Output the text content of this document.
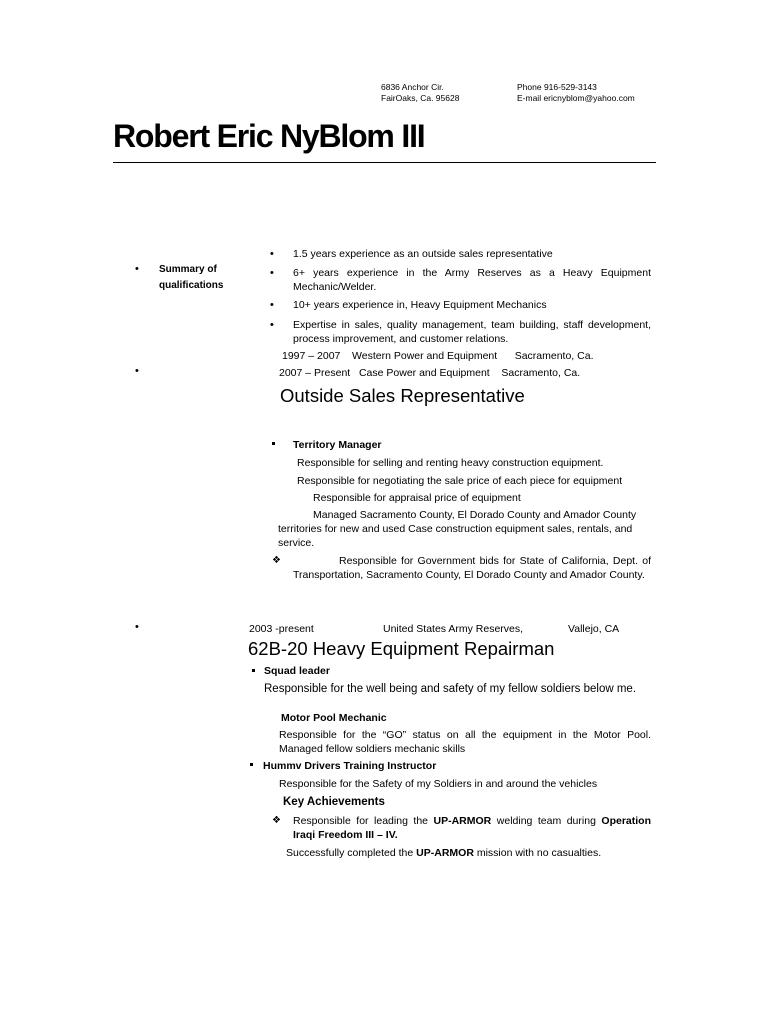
6836 Anchor Cir.
FairOaks, Ca. 95628
Phone 916-529-3143
E-mail ericnyblom@yahoo.com
Robert Eric NyBlom III
• Summary of
qualifications
• 1.5 years experience as an outside sales representative
• 6+ years experience in the Army Reserves as a Heavy Equipment Mechanic/Welder.
• 10+ years experience in, Heavy Equipment Mechanics
• Expertise in sales, quality management, team building, staff development, process improvement, and customer relations.
•
1997 – 2007    Western Power and Equipment      Sacramento, Ca.
2007 – Present   Case Power and Equipment    Sacramento, Ca.
Outside Sales Representative
Territory Manager
Responsible for selling and renting heavy construction equipment.
Responsible for negotiating the sale price of each piece for equipment
Responsible for appraisal price of equipment
Managed Sacramento County, El Dorado County and Amador County territories for new and used Case construction equipment sales, rentals, and service.
❖	Responsible for Government bids for State of California, Dept. of Transportation, Sacramento County, El Dorado County and Amador County.
•	2003 -present	United States Army Reserves,	Vallejo, CA
62B-20 Heavy Equipment Repairman
Squad leader
Responsible for the well being and safety of my fellow soldiers below me.
Motor Pool Mechanic
Responsible for the “GO” status on all the equipment in the Motor Pool.
Managed fellow soldiers mechanic skills
Hummv Drivers Training Instructor
Responsible for the Safety of my Soldiers in and around the vehicles
Key Achievements
❖ Responsible for leading the UP-ARMOR welding team during Operation Iraqi Freedom III – IV.
Successfully completed the UP-ARMOR mission with no casualties.
